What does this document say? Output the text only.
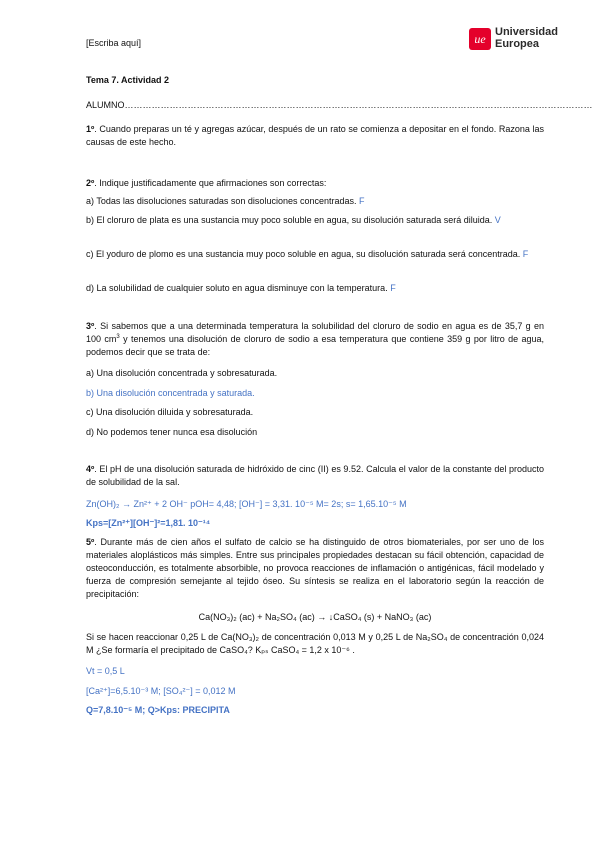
[Escriba aquí]	ue Universidad
Europea
Tema 7. Actividad 2
ALUMNO…………………………………………………………………………………………………………………………………………
1º. Cuando preparas un té y agregas azúcar, después de un rato se comienza a depositar en el fondo. Razona las causas de este hecho.
2º. Indique justificadamente que afirmaciones son correctas:
a) Todas las disoluciones saturadas son disoluciones concentradas. F
b) El cloruro de plata es una sustancia muy poco soluble en agua, su disolución saturada será diluida. V
c) El yoduro de plomo es una sustancia muy poco soluble en agua, su disolución saturada será concentrada. F
d) La solubilidad de cualquier soluto en agua disminuye con la temperatura. F
3º. Si sabemos que a una determinada temperatura la solubilidad del cloruro de sodio en agua es de 35,7 g en 100 $cm^3$ y tenemos una disolución de cloruro de sodio a esa temperatura que contiene 359 g por litro de agua, podemos decir que se trata de:
a) Una disolución concentrada y sobresaturada.
b) Una disolución concentrada y saturada.
c) Una disolución diluida y sobresaturada.
d) No podemos tener nunca esa disolución
4º. El pH de una disolución saturada de hidróxido de cinc (II) es 9.52. Calcula el valor de la constante del producto de solubilidad de la sal.
Zn(OH)₂ → Zn²⁺ + 2 OH⁻ pOH= 4,48; [OH⁻] = 3,31. 10⁻⁵ M= 2s; s= 1,65.10⁻⁵ M
Kps=[Zn²⁺][OH⁻]²=1,81. 10⁻¹⁴
5º. Durante más de cien años el sulfato de calcio se ha distinguido de otros biomateriales, por ser uno de los materiales aloplásticos más simples. Entre sus principales propiedades destacan su fácil obtención, capacidad de osteoconducción, es totalmente absorbible, no provoca reacciones de inflamación o antigénicas, fácil modelado y fuerza de compresión semejante al tejido óseo. Su síntesis se realiza en el laboratorio según la reacción de precipitación:
Ca(NO₃)₂ (ac) + Na₂SO₄ (ac) → ↓CaSO₄ (s) + NaNO₃ (ac)
Si se hacen reaccionar 0,25 L de Ca(NO₃)₂ de concentración 0,013 M y 0,25 L de Na₂SO₄ de concentración 0,024 M ¿Se formaría el precipitado de CaSO₄? Kₚₛ CaSO₄ = 1,2 x 10⁻⁶ .
Vt = 0,5 L
[Ca²⁺]=6,5.10⁻³ M; [SO₄²⁻] = 0,012 M
Q=7,8.10⁻⁵ M; Q>Kps: PRECIPITA
